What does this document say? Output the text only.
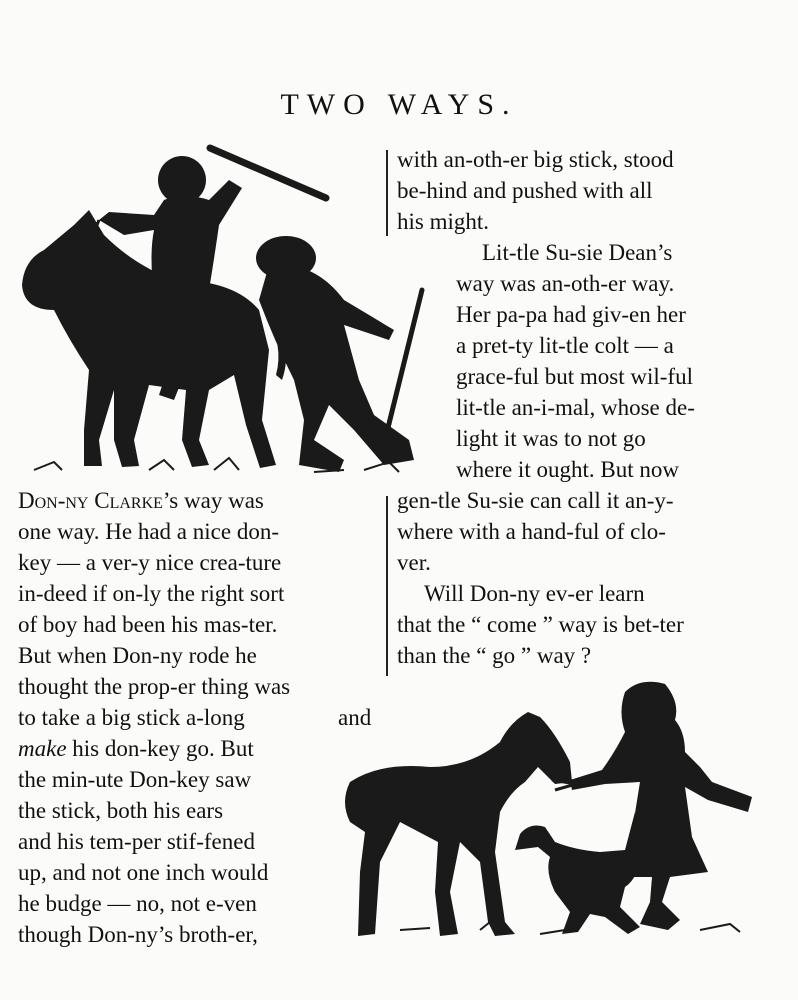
TWO WAYS.
with an-oth-er big stick, stood
be-hind and pushed with all
his might.
Lit-tle Su-sie Dean’s
way was an-oth-er way.
Her pa-pa had giv-en her
a pret-ty lit-tle colt — a
grace-ful but most wil-ful
lit-tle an-i-mal, whose de-
light it was to not go
where it ought. But now
gen-tle Su-sie can call it an-y-
where with a hand-ful of clo-
ver.
Will Don-ny ev-er learn
that the “ come ” way is bet-ter
than the “ go ” way ?
Don-ny Clarke’s way was
one way. He had a nice don-
key — a ver-y nice crea-ture
in-deed if on-ly the right sort
of boy had been his mas-ter.
But when Don-ny rode he
thought the prop-er thing was
to take a big stick a-long	and
make his don-key go. But
the min-ute Don-key saw
the stick, both his ears
and his tem-per stif-fened
up, and not one inch would
he budge — no, not e-ven
though Don-ny’s broth-er,
